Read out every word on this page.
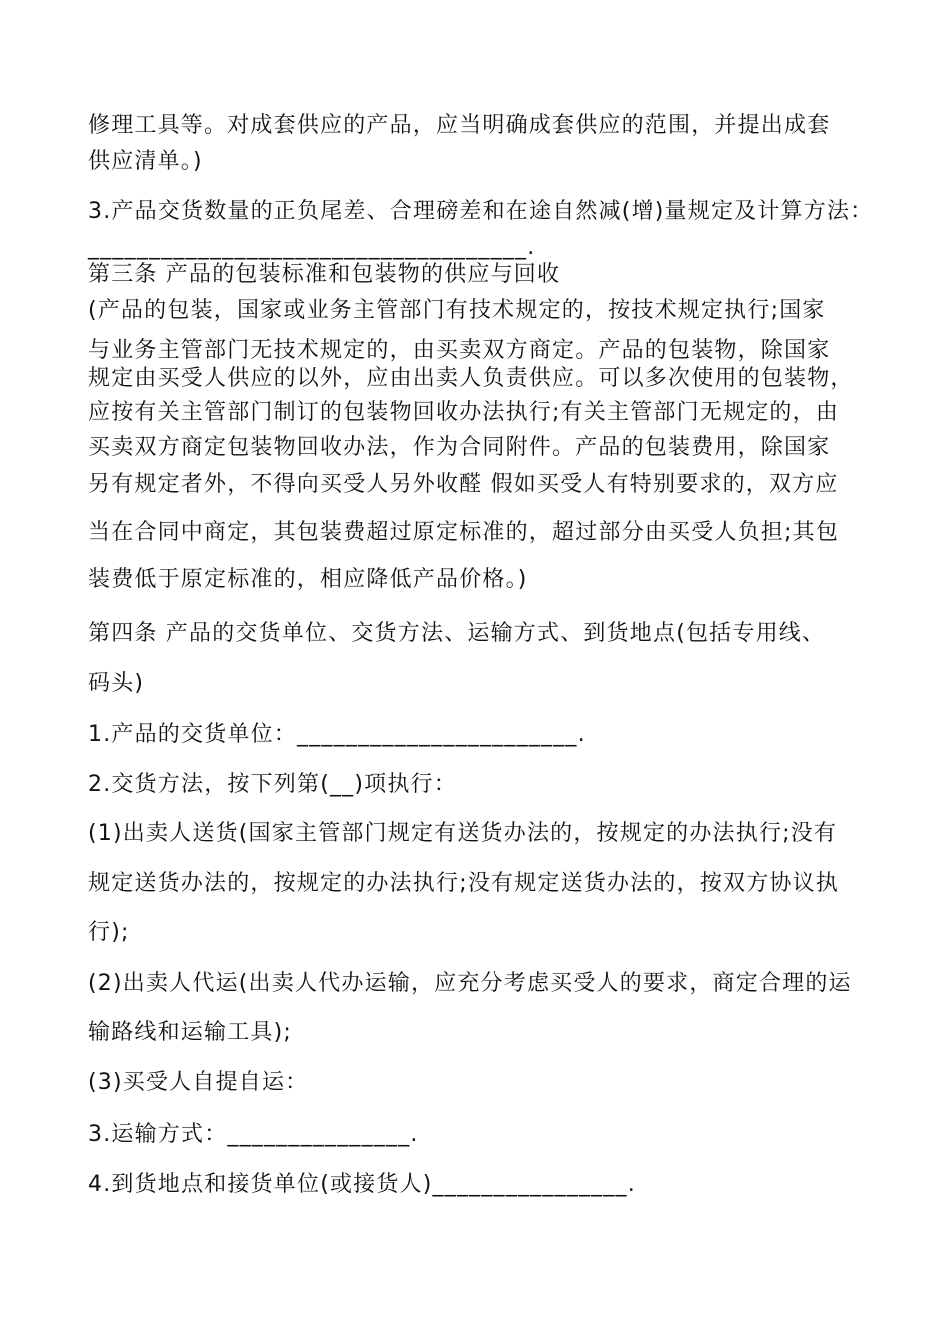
修理工具等。对成套供应的产品，应当明确成套供应的范围，并提出成套

供应清单。)

3.产品交货数量的正负尾差、合理磅差和在途自然减(增)量规定及计算方法：

____________________________________.

第三条 产品的包装标准和包装物的供应与回收

(产品的包装，国家或业务主管部门有技术规定的，按技术规定执行;国家

与业务主管部门无技术规定的，由买卖双方商定。产品的包装物，除国家

规定由买受人供应的以外，应由出卖人负责供应。可以多次使用的包装物，

应按有关主管部门制订的包装物回收办法执行;有关主管部门无规定的，由

买卖双方商定包装物回收办法，作为合同附件。产品的包装费用，除国家

另有规定者外，不得向买受人另外收醛 假如买受人有特别要求的，双方应

当在合同中商定，其包装费超过原定标准的，超过部分由买受人负担;其包

装费低于原定标准的，相应降低产品价格。)

第四条 产品的交货单位、交货方法、运输方式、到货地点(包括专用线、

码头)

1.产品的交货单位：_______________________.

2.交货方法，按下列第(__)项执行：

(1)出卖人送货(国家主管部门规定有送货办法的，按规定的办法执行;没有

规定送货办法的，按规定的办法执行;没有规定送货办法的，按双方协议执

行);

(2)出卖人代运(出卖人代办运输，应充分考虑买受人的要求，商定合理的运

输路线和运输工具);

(3)买受人自提自运：

3.运输方式：_______________.

4.到货地点和接货单位(或接货人)________________.
